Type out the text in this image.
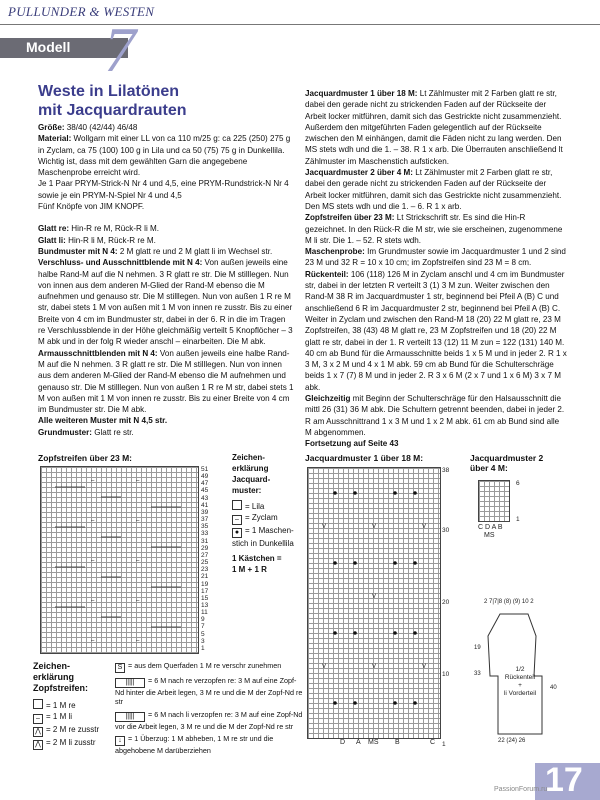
PULLUNDER & WESTEN
Modell 7
Weste in Lilatönen
mit Jacquardrauten

Größe: 38/40 (42/44) 46/48

Material: Wollgarn mit einer LL von ca 110 m/25 g: ca 225 (250) 275 g in Zyclam, ca 75 (100) 100 g in Lila und ca 50 (75) 75 g in Dunkellila. Wichtig ist, dass mit dem gewählten Garn die angegebene Maschenprobe erreicht wird.

Je 1 Paar PRYM-Strick-N Nr 4 und 4,5, eine PRYM-Rundstrick-N Nr 4 sowie je ein PRYM-N-Spiel Nr 4 und 4,5

Fünf Knöpfe von JIM KNOPF.

Glatt re: Hin-R re M, Rück-R li M.

Glatt li: Hin-R li M, Rück-R re M.

Bundmuster mit N 4: 2 M glatt re und 2 M glatt li im Wechsel str.

Verschluss- und Ausschnittblende mit N 4: Von außen jeweils eine halbe Rand-M auf die N nehmen. 3 R glatt re str. Die M stilllegen. Nun von innen aus dem anderen M-Glied der Rand-M ebenso die M aufnehmen und genauso str. Die M stilllegen. Nun von außen 1 R re M str, dabei stets 1 M von außen mit 1 M von innen re zusstr. Bis zu einer Breite von 4 cm im Bundmuster str, dabei in der 6. R in die im Tragen re Verschlussblende in der Höhe gleichmäßig verteilt 5 Knopflöcher – 3 M abk und in der folg R wieder anschl – einarbeiten. Die M abk.

Armausschnittblenden mit N 4: Von außen jeweils eine halbe Rand-M auf die N nehmen. 3 R glatt re str. Die M stilllegen. Nun von innen aus dem anderen M-Glied der Rand-M ebenso die M aufnehmen und genauso str. Die M stilllegen. Nun von außen 1 R re M str, dabei stets 1 M von außen mit 1 M von innen re zusstr. Bis zu einer Breite von 4 cm im Bundmuster str. Die M abk.

Alle weiteren Muster mit N 4,5 str.

Grundmuster: Glatt re str.

Jacquardmuster 1 über 18 M: Lt Zählmuster mit 2 Farben glatt re str, dabei den gerade nicht zu strickenden Faden auf der Rückseite der Arbeit locker mitführen, damit sich das Gestrickte nicht zusammenzieht. Außerdem den mitgeführten Faden gelegentlich auf der Rückseite zwischen den M einhängen, damit die Fäden nicht zu lang werden. Den MS stets wdh und die 1. – 38. R 1 x arb. Die Überrauten anschließend lt Zählmuster im Maschenstich aufsticken.

Jacquardmuster 2 über 4 M: Lt Zählmuster mit 2 Farben glatt re str, dabei den gerade nicht zu strickenden Faden auf der Rückseite der Arbeit locker mitführen, damit sich das Gestrickte nicht zusammenzieht. Den MS stets wdh und die 1. – 6. R 1 x arb.

Zopfstreifen über 23 M: Lt Strickschrift str. Es sind die Hin-R gezeichnet. In den Rück-R die M str, wie sie erscheinen, zugenommene M li str. Die 1. – 52. R stets wdh.

Maschenprobe: Im Grundmuster sowie im Jacquardmuster 1 und 2 sind 23 M und 32 R = 10 x 10 cm; im Zopfstreifen sind 23 M = 8 cm.

Rückenteil: 106 (118) 126 M in Zyclam anschl und 4 cm im Bundmuster str, dabei in der letzten R verteilt 3 (1) 3 M zun. Weiter zwischen den Rand-M 38 R im Jacquardmuster 1 str, beginnend bei Pfeil A (B) C und anschließend 6 R im Jacquardmuster 2 str, beginnend bei Pfeil A (B) C. Weiter in Zyclam und zwischen den Rand-M 18 (20) 22 M glatt re, 23 M Zopfstreifen, 38 (43) 48 M glatt re, 23 M Zopfstreifen und 18 (20) 22 M glatt re str, dabei in der 1. R verteilt 13 (12) 11 M zun = 122 (131) 140 M. 40 cm ab Bund für die Armausschnitte beids 1 x 5 M und in jeder 2. R 1 x 3 M, 3 x 2 M und 4 x 1 M abk. 59 cm ab Bund für die Schulterschräge beids 1 x 7 (7) 8 M und in jeder 2. R 3 x 6 M (2 x 7 und 1 x 6 M) 3 x 7 M abk.

Gleichzeitig mit Beginn der Schulterschräge für den Halsausschnitt die mittl 26 (31) 36 M abk. Die Schultern getrennt beenden, dabei in jeder 2. R am Ausschnittrand 1 x 3 M und 1 x 2 M abk. 61 cm ab Bund sind alle M abgenommen.

Fortsetzung auf Seite 43

Zopfstreifen über 23 M:
–	–
–	–
–	–
–	–
–	–
51
49
47
45
43
41
39
37
35
33
31
29
27
25
23
21
19
17
15
13
11
9
7
5
3
1
Zeichen-
erklärung
Jacquard-
muster:
= Lila
– = Zyclam
● = 1 Maschen-stich in Dunkellila
1 Kästchen =
1 M + 1 R
Jacquardmuster 1 über 18 M:
V
V
V
V	V
V	V
38
30
20
10
1
D A MS B	C
Jacquardmuster 2
über 4 M:
6
1
C D A B
MS
2 7|7|8 (8) (9) 10 2
19
33
40
1/2
Rückenteil
+
li Vorderteil
22 (24) 26
Zeichen-
erklärung
Zopfstreifen:
= 1 M re
– = 1 M li
⋀ = 2 M re zusstr
⋀ = 2 M li zusstr
S = aus dem Querfaden 1 M re verschr zunehmen
||||| = 6 M nach re verzopfen re: 3 M auf eine Zopf-Nd hinter die Arbeit legen, 3 M re und die M der Zopf-Nd re str
||||| = 6 M nach li verzopfen re: 3 M auf eine Zopf-Nd vor die Arbeit legen, 3 M re und die M der Zopf-Nd re str
↓ = 1 Überzug: 1 M abheben, 1 M re str und die abgehobene M darüberziehen
17
PassionForum.ru
